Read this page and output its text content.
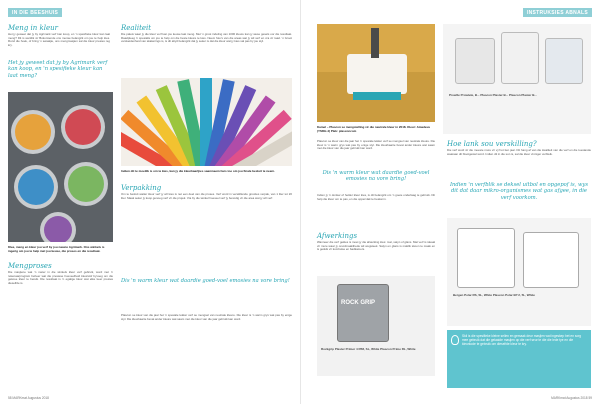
IN DIE BEESHUIS
Meng in kleur
Het jy geweet dat jy by Agrimark verf kan koop, en 'n spesifieke kleur kan laat meng? Dit is werklik vir Bokomiende ons mense belangrik om jou te help kies. Rond die hoek, of bring 'n swaatjie, ons mengmasjien sal die kleur presies reg kry.
Het jy geweet dat jy by Agrimark verf kan koop, en 'n spesifieke kleur kan laat meng?
Klee, meng en kleur jou verf by jou naaste Agrimark. Ons winkels is ingerig om jou te help met jou keuse, die proses en die resultaat.
Mengproses
Die masjiene wat 'n meter in die winkels kleur verf gebruik, word met 'n rekenaarprogram beheer wat die presiese hoeveelheid kleurstof byvoeg om die gekose kleur te bereik. Die resultaat is 'n egalige kleur wat elke keer presies dieselfde is.
Realiteit
Die paleis waar jy die kleur verf kan jou keuse laat meng. Met 'n groot indeling van 1000 kleure kan jy wese gesels oor die resultaat. Raadpleeg 'n spesialis om jou te help om die beste kleure te kies. Neem foto's van die areas wat jy wil verf en vra vir raad. 'n Groot verskeidenheid van skakerings is, is dit altyd belangrik dat jy seker is dat die kleur wat jy kies sal pas by jou styl.
Indien dit te moeilik is om te kies, kan jy die kleurkaartjies saamneem huis toe om jou finale besluit te neem.
Verpakking
Om te besluit watter kleur verf jy wil kies is net een deel van die proses. Verf word in verskillende groottes verpak, van 1 liter tot 20 liter. Maak seker jy koop genoeg verf vir die projek. Vra by die winkel hoeveel verf jy benodig vir die area wat jy wil verf.
Dis 'n warm kleur wat daardie goed-voel emosies na vore bring!
Plascon se kleur van die jaar het 'n spesiale lekker verf se mengsel van neutrale kleure. Die kleur is 'n warm grys wat pas by enige styl. Die kleurkaarte bevat ander kleure wat saam met die kleur van die jaar gebruik kan word.
58 MARKmat Augustus 2018
INSTRUKSIES ABNALS
Kamel – Plascon se mengstelling vir die neutrale kleur in 2018. Kleur: Amadeus (YSDH-4) Plek: plasconcom
Prowtle Prowtele, B... Plascon Plaster B... Plascon Plaster B...
Plascon se kleur van die jaar het 'n spesiale lekker verf se mengsel van neutrale kleure. Die kleur is 'n warm grys wat pas by enige styl. Die kleurkaarte bevat ander kleure wat saam met die kleur van die jaar gebruik kan word.
Dis 'n warm kleur wat daardie goed-voel emosies na vore bring!
Indien jy 'n donker of helder kleur kies, is dit belangrik om 'n goeie onderlaag te gebruik. Dit help die kleur om te pas, en die oppervlak te beskerm.
Afwerkings
Wanneer die verf gekies is moet jy die afwerking kies: mat, satyn of glans. Mat verf is ideaal vir mure waar jy onvolmaakthede wil wegsteek. Satyn en glans is maklik skoon te maak en is geskik vir kombuise en badkamers.
ROCK GRIP
Rockgrip Plaster Primer 4 R58, SL, White Plascon Prime RL, White
Hoe lank sou verskilling?
Die verf word vir die meeste mure vir vyf tot tien jaar. Dit hang af van die kwaliteit van die verf en die toestande waaraan dit blootgestel word. Indien dit in die son is, sal die kleur vinniger verbleik.
Indien 'n verfblik se deksel uitbol en opgepof is, wys dit dat daar mikro-organismes wat gas afgee, in die verf voorkom.
Bergen Polar RS, SL, White Plascon Polar EP 2, 5L, White
Skil is die spesifieke kleine sellen en gemaak deur masjien wat ingeskep het en sorg mee gebruik dat die gelaaide masjien op die verf seur te die die lede tye en die kleurkode te gebruik om dieselfde kleur te kry.
MARKmat Augustus 2018 59
